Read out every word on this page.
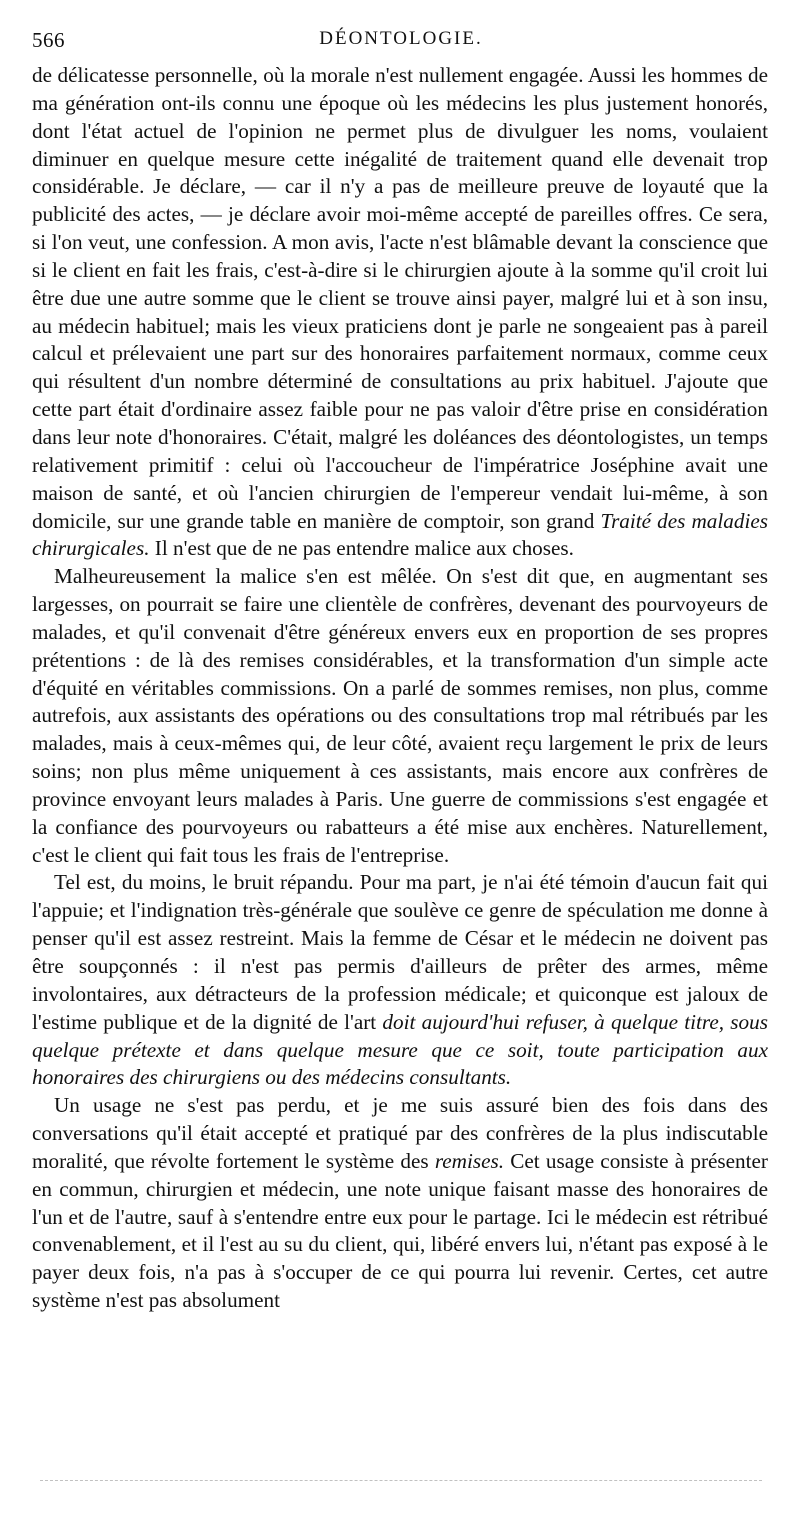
566	DÉONTOLOGIE.

de délicatesse personnelle, où la morale n'est nullement engagée. Aussi les hommes de ma génération ont-ils connu une époque où les médecins les plus justement honorés, dont l'état actuel de l'opinion ne permet plus de divulguer les noms, voulaient diminuer en quelque mesure cette inégalité de traitement quand elle devenait trop considérable. Je déclare, — car il n'y a pas de meilleure preuve de loyauté que la publicité des actes, — je déclare avoir moi-même accepté de pareilles offres. Ce sera, si l'on veut, une confession. A mon avis, l'acte n'est blâmable devant la conscience que si le client en fait les frais, c'est-à-dire si le chirurgien ajoute à la somme qu'il croit lui être due une autre somme que le client se trouve ainsi payer, malgré lui et à son insu, au médecin habituel; mais les vieux praticiens dont je parle ne songeaient pas à pareil calcul et prélevaient une part sur des honoraires parfaitement normaux, comme ceux qui résultent d'un nombre déterminé de consultations au prix habituel. J'ajoute que cette part était d'ordinaire assez faible pour ne pas valoir d'être prise en considération dans leur note d'honoraires. C'était, malgré les doléances des déontologistes, un temps relativement primitif : celui où l'accoucheur de l'impératrice Joséphine avait une maison de santé, et où l'ancien chirurgien de l'empereur vendait lui-même, à son domicile, sur une grande table en manière de comptoir, son grand Traité des maladies chirurgicales. Il n'est que de ne pas entendre malice aux choses.

Malheureusement la malice s'en est mêlée. On s'est dit que, en augmentant ses largesses, on pourrait se faire une clientèle de confrères, devenant des pourvoyeurs de malades, et qu'il convenait d'être généreux envers eux en proportion de ses propres prétentions : de là des remises considérables, et la transformation d'un simple acte d'équité en véritables commissions. On a parlé de sommes remises, non plus, comme autrefois, aux assistants des opérations ou des consultations trop mal rétribués par les malades, mais à ceux-mêmes qui, de leur côté, avaient reçu largement le prix de leurs soins; non plus même uniquement à ces assistants, mais encore aux confrères de province envoyant leurs malades à Paris. Une guerre de commissions s'est engagée et la confiance des pourvoyeurs ou rabatteurs a été mise aux enchères. Naturellement, c'est le client qui fait tous les frais de l'entreprise.

Tel est, du moins, le bruit répandu. Pour ma part, je n'ai été témoin d'aucun fait qui l'appuie; et l'indignation très-générale que soulève ce genre de spéculation me donne à penser qu'il est assez restreint. Mais la femme de César et le médecin ne doivent pas être soupçonnés : il n'est pas permis d'ailleurs de prêter des armes, même involontaires, aux détracteurs de la profession médicale; et quiconque est jaloux de l'estime publique et de la dignité de l'art doit aujourd'hui refuser, à quelque titre, sous quelque prétexte et dans quelque mesure que ce soit, toute participation aux honoraires des chirurgiens ou des médecins consultants.

Un usage ne s'est pas perdu, et je me suis assuré bien des fois dans des conversations qu'il était accepté et pratiqué par des confrères de la plus indiscutable moralité, que révolte fortement le système des remises. Cet usage consiste à présenter en commun, chirurgien et médecin, une note unique faisant masse des honoraires de l'un et de l'autre, sauf à s'entendre entre eux pour le partage. Ici le médecin est rétribué convenablement, et il l'est au su du client, qui, libéré envers lui, n'étant pas exposé à le payer deux fois, n'a pas à s'occuper de ce qui pourra lui revenir. Certes, cet autre système n'est pas absolument
